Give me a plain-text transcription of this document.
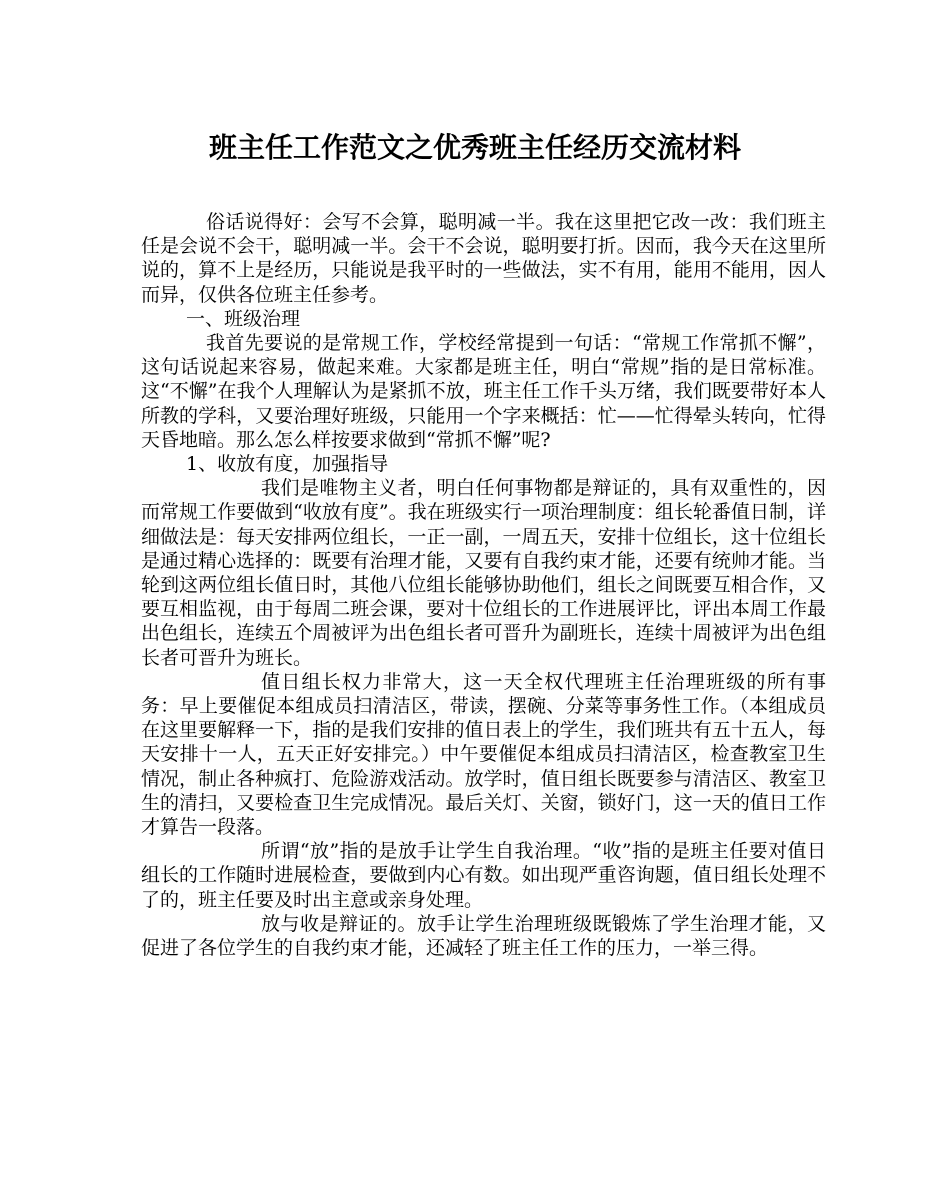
班主任工作范文之优秀班主任经历交流材料

俗话说得好：会写不会算，聪明减一半。我在这里把它改一改：我们班主任是会说不会干，聪明减一半。会干不会说，聪明要打折。因而，我今天在这里所说的，算不上是经历，只能说是我平时的一些做法，实不有用，能用不能用，因人而异，仅供各位班主任参考。

一、班级治理

我首先要说的是常规工作，学校经常提到一句话：“常规工作常抓不懈”，这句话说起来容易，做起来难。大家都是班主任，明白“常规”指的是日常标准。这“不懈”在我个人理解认为是紧抓不放，班主任工作千头万绪，我们既要带好本人所教的学科，又要治理好班级，只能用一个字来概括：忙——忙得晕头转向，忙得天昏地暗。那么怎么样按要求做到“常抓不懈”呢?

1、收放有度，加强指导

我们是唯物主义者，明白任何事物都是辩证的，具有双重性的，因而常规工作要做到“收放有度”。我在班级实行一项治理制度：组长轮番值日制，详细做法是：每天安排两位组长，一正一副，一周五天，安排十位组长，这十位组长是通过精心选择的：既要有治理才能，又要有自我约束才能，还要有统帅才能。当轮到这两位组长值日时，其他八位组长能够协助他们，组长之间既要互相合作，又要互相监视，由于每周二班会课，要对十位组长的工作进展评比，评出本周工作最出色组长，连续五个周被评为出色组长者可晋升为副班长，连续十周被评为出色组长者可晋升为班长。

值日组长权力非常大，这一天全权代理班主任治理班级的所有事务：早上要催促本组成员扫清洁区，带读，摆碗、分菜等事务性工作。（本组成员在这里要解释一下，指的是我们安排的值日表上的学生，我们班共有五十五人，每天安排十一人，五天正好安排完。）中午要催促本组成员扫清洁区，检查教室卫生情况，制止各种疯打、危险游戏活动。放学时，值日组长既要参与清洁区、教室卫生的清扫，又要检查卫生完成情况。最后关灯、关窗，锁好门，这一天的值日工作才算告一段落。

所谓“放”指的是放手让学生自我治理。“收”指的是班主任要对值日组长的工作随时进展检查，要做到内心有数。如出现严重咨询题，值日组长处理不了的，班主任要及时出主意或亲身处理。

放与收是辩证的。放手让学生治理班级既锻炼了学生治理才能，又促进了各位学生的自我约束才能，还减轻了班主任工作的压力，一举三得。
